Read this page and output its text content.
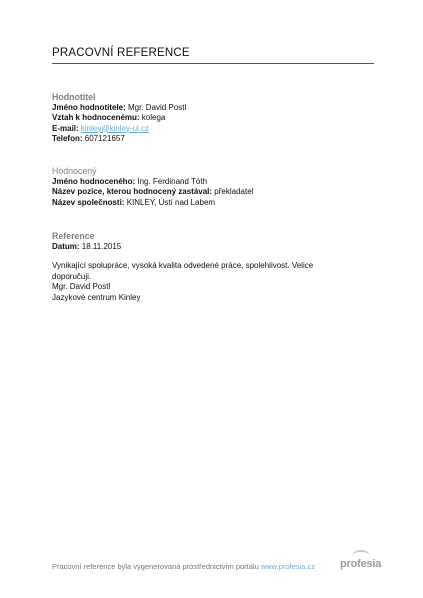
PRACOVNÍ REFERENCE
Hodnotitel
Jméno hodnotitele: Mgr. David Postl
Vztah k hodnocenému: kolega
E-mail: kinley@kinley-ul.cz
Telefon: 607121657
Hodnocený
Jméno hodnoceného: Ing. Ferdinand Tóth
Název pozice, kterou hodnocený zastával: překladatel
Název společnosti: KINLEY, Ústí nad Labem
Reference
Datum: 18.11.2015
Vynikající spolupráce, vysoká kvalita odvedené práce, spolehlivost. Velice
doporučuji.
Mgr. David Postl
Jazykové centrum Kinley
Pracovní reference byla vygenerovaná prostřednictvím portálu www.profesia.cz profesia
